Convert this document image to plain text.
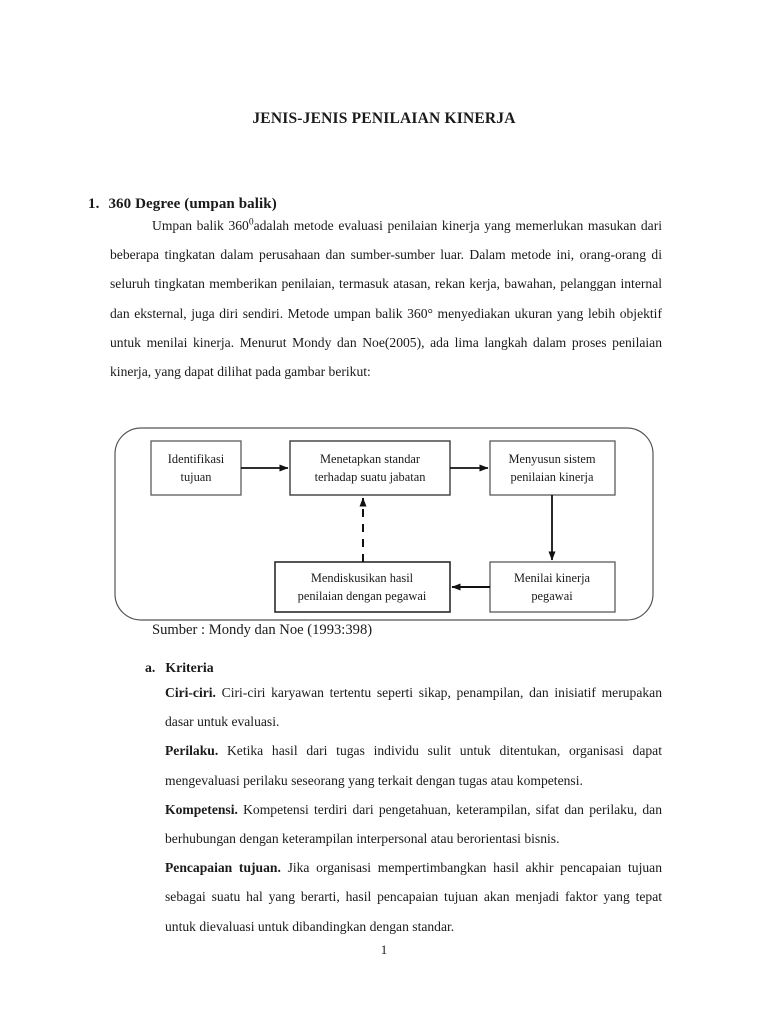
JENIS-JENIS PENILAIAN KINERJA
1. 360 Degree (umpan balik)
Umpan balik $360^0adalah$ metode evaluasi penilaian kinerja yang memerlukan masukan dari beberapa tingkatan dalam perusahaan dan sumber-sumber luar. Dalam metode ini, orang-orang di seluruh tingkatan memberikan penilaian, termasuk atasan, rekan kerja, bawahan, pelanggan internal dan eksternal, juga diri sendiri. Metode umpan balik 360° menyediakan ukuran yang lebih objektif untuk menilai kinerja. Menurut Mondy dan Noe(2005), ada lima langkah dalam proses penilaian kinerja, yang dapat dilihat pada gambar berikut:
Identifikasi
tujuan
Menetapkan standar
terhadap suatu jabatan
Menyusun sistem
penilaian kinerja
Menilai kinerja
pegawai
Mendiskusikan hasil
penilaian dengan pegawai
Sumber : Mondy dan Noe (1993:398)
a. Kriteria

Ciri-ciri. Ciri-ciri karyawan tertentu seperti sikap, penampilan, dan inisiatif merupakan dasar untuk evaluasi.

Perilaku. Ketika hasil dari tugas individu sulit untuk ditentukan, organisasi dapat mengevaluasi perilaku seseorang yang terkait dengan tugas atau kompetensi.

Kompetensi. Kompetensi terdiri dari pengetahuan, keterampilan, sifat dan perilaku, dan berhubungan dengan keterampilan interpersonal atau berorientasi bisnis.

Pencapaian tujuan. Jika organisasi mempertimbangkan hasil akhir pencapaian tujuan sebagai suatu hal yang berarti, hasil pencapaian tujuan akan menjadi faktor yang tepat untuk dievaluasi untuk dibandingkan dengan standar.

1
